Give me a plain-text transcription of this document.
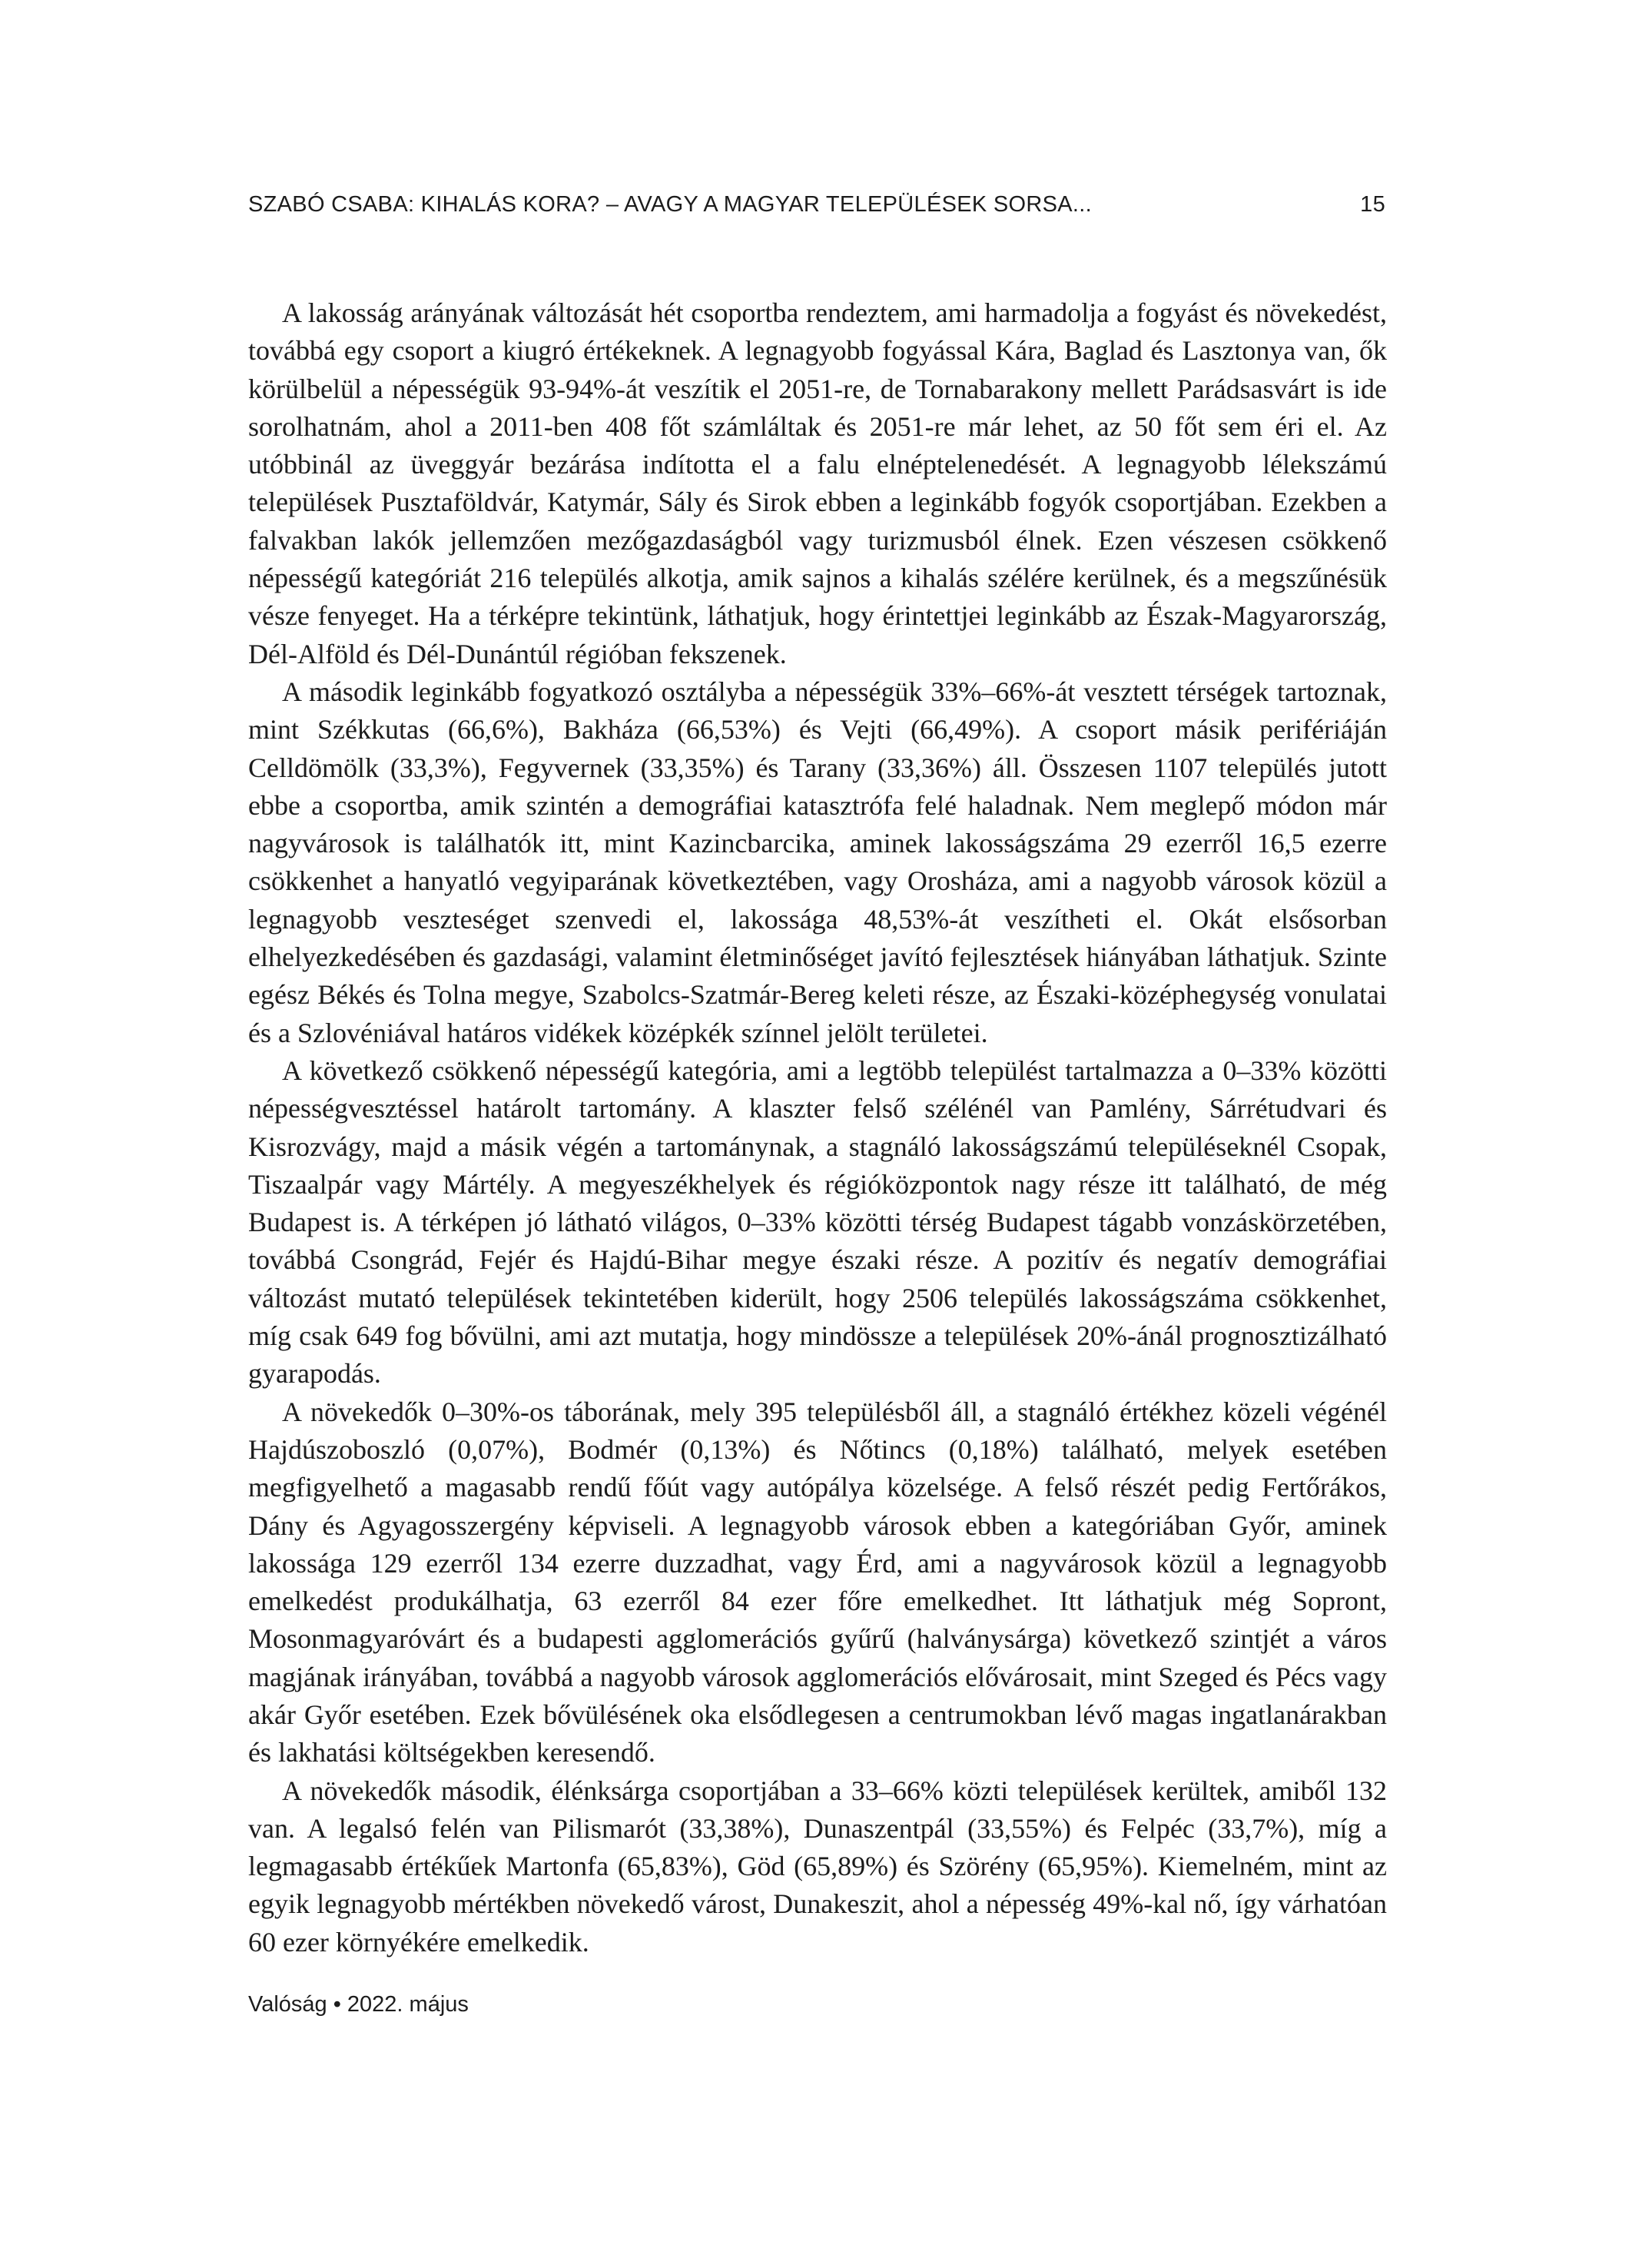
SZABÓ CSABA: KIHALÁS KORA? – AVAGY A MAGYAR TELEPÜLÉSEK SORSA...	15

A lakosság arányának változását hét csoportba rendeztem, ami harmadolja a fogyást és növekedést, továbbá egy csoport a kiugró értékeknek. A legnagyobb fogyással Kára, Baglad és Lasztonya van, ők körülbelül a népességük 93-94%-át veszítik el 2051-re, de Tornabarakony mellett Parádsasvárt is ide sorolhatnám, ahol a 2011-ben 408 főt számláltak és 2051-re már lehet, az 50 főt sem éri el. Az utóbbinál az üveggyár bezárása indította el a falu elnéptelenedését. A legnagyobb lélekszámú települések Pusztaföldvár, Katymár, Sály és Sirok ebben a leginkább fogyók csoportjában. Ezekben a falvakban lakók jellemzően mezőgazdaságból vagy turizmusból élnek. Ezen vészesen csökkenő népességű kategóriát 216 település alkotja, amik sajnos a kihalás szélére kerülnek, és a megszűnésük vésze fenyeget. Ha a térképre tekintünk, láthatjuk, hogy érintettjei leginkább az Észak-Magyarország, Dél-Alföld és Dél-Dunántúl régióban fekszenek.

A második leginkább fogyatkozó osztályba a népességük 33%–66%-át vesztett térségek tartoznak, mint Székkutas (66,6%), Bakháza (66,53%) és Vejti (66,49%). A csoport másik perifériáján Celldömölk (33,3%), Fegyvernek (33,35%) és Tarany (33,36%) áll. Összesen 1107 település jutott ebbe a csoportba, amik szintén a demográfiai katasztrófa felé haladnak. Nem meglepő módon már nagyvárosok is találhatók itt, mint Kazincbarcika, aminek lakosságszáma 29 ezerről 16,5 ezerre csökkenhet a hanyatló vegyiparának következtében, vagy Orosháza, ami a nagyobb városok közül a legnagyobb veszteséget szenvedi el, lakossága 48,53%-át veszítheti el. Okát elsősorban elhelyezkedésében és gazdasági, valamint életminőséget javító fejlesztések hiányában láthatjuk. Szinte egész Békés és Tolna megye, Szabolcs-Szatmár-Bereg keleti része, az Északi-középhegység vonulatai és a Szlovéniával határos vidékek középkék színnel jelölt területei.

A következő csökkenő népességű kategória, ami a legtöbb települést tartalmazza a 0–33% közötti népességvesztéssel határolt tartomány. A klaszter felső szélénél van Pamlény, Sárrétudvari és Kisrozvágy, majd a másik végén a tartománynak, a stagnáló lakosságszámú településeknél Csopak, Tiszaalpár vagy Mártély. A megyeszékhelyek és régióközpontok nagy része itt található, de még Budapest is. A térképen jó látható világos, 0–33% közötti térség Budapest tágabb vonzáskörzetében, továbbá Csongrád, Fejér és Hajdú-Bihar megye északi része. A pozitív és negatív demográfiai változást mutató települések tekintetében kiderült, hogy 2506 település lakosságszáma csökkenhet, míg csak 649 fog bővülni, ami azt mutatja, hogy mindössze a települések 20%-ánál prognosztizálható gyarapodás.

A növekedők 0–30%-os táborának, mely 395 településből áll, a stagnáló értékhez közeli végénél Hajdúszoboszló (0,07%), Bodmér (0,13%) és Nőtincs (0,18%) található, melyek esetében megfigyelhető a magasabb rendű főút vagy autópálya közelsége. A felső részét pedig Fertőrákos, Dány és Agyagosszergény képviseli. A legnagyobb városok ebben a kategóriában Győr, aminek lakossága 129 ezerről 134 ezerre duzzadhat, vagy Érd, ami a nagyvárosok közül a legnagyobb emelkedést produkálhatja, 63 ezerről 84 ezer főre emelkedhet. Itt láthatjuk még Sopront, Mosonmagyaróvárt és a budapesti agglomerációs gyűrű (halványsárga) következő szintjét a város magjának irányában, továbbá a nagyobb városok agglomerációs elővárosait, mint Szeged és Pécs vagy akár Győr esetében. Ezek bővülésének oka elsődlegesen a centrumokban lévő magas ingatlanárakban és lakhatási költségekben keresendő.

A növekedők második, élénksárga csoportjában a 33–66% közti települések kerültek, amiből 132 van. A legalsó felén van Pilismarót (33,38%), Dunaszentpál (33,55%) és Felpéc (33,7%), míg a legmagasabb értékűek Martonfa (65,83%), Göd (65,89%) és Szörény (65,95%). Kiemelném, mint az egyik legnagyobb mértékben növekedő várost, Dunakeszit, ahol a népesség 49%-kal nő, így várhatóan 60 ezer környékére emelkedik.

Valóság • 2022. május
